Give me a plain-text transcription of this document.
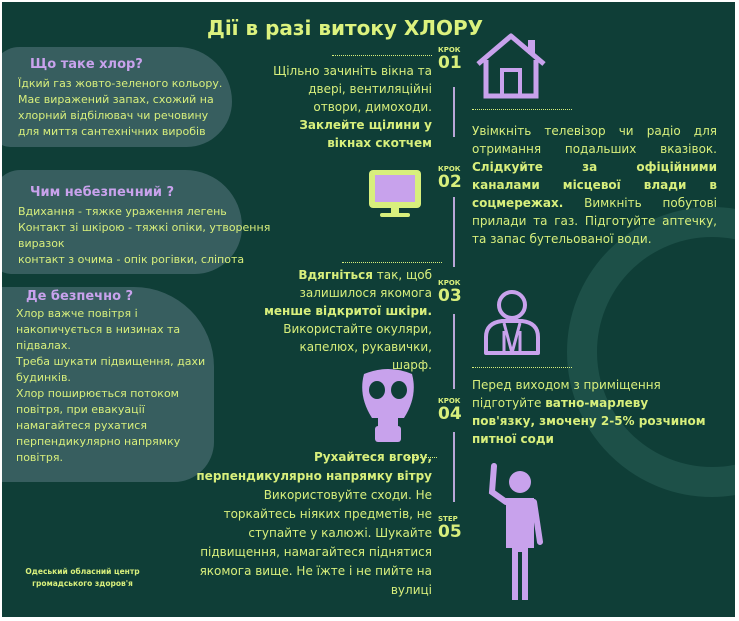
Дії в разі витоку ХЛОРУ
Що таке хлор?
Їдкий газ жовто-зеленого кольору.
Має виражений запах, схожий на
хлорний відбілювач чи речовину
для миття сантехнічних виробів
Чим небезпечний ?
Вдихання - тяжке ураження легень
Контакт зі шкірою - тяжкі опіки, утворення
виразок
контакт з очима - опік рогівки, сліпота
Де безпечно ?
Хлор важче повітря і
накопичується в низинах та
підвалах.
Треба шукати підвищення, дахи
будинків.
Хлор поширюється потоком
повітря, при евакуації
намагайтеся рухатися
перпендикулярно напрямку
повітря.
Одеський обласний центр громадського здоров'я
КРОК
01
КРОК
02
КРОК
03
КРОК
04
STEP
05
Щільно зачиніть вікна та двері, вентиляційні отвори, димоходи.
Заклейте щілини у вікнах скотчем
Увімкніть телевізор чи радіо для отримання подальших вказівок. Слідкуйте за офіційними каналами місцевої влади в соцмережах. Вимкніть побутові прилади та газ. Підготуйте аптечку, та запас бутельованої води.
Вдягніться так, щоб залишилося якомога менше відкритої шкіри. Використайте окуляри, капелюх, рукавички, шарф.
Перед виходом з приміщення підготуйте ватно-марлеву пов'язку, змочену 2-5% розчином питної соди
Рухайтеся вгору, перпендикулярно напрямку вітру
Використовуйте сходи. Не торкайтесь ніяких предметів, не ступайте у калюжі. Шукайте підвищення, намагайтеся піднятися якомога вище. Не їжте і не пийте на вулиці
